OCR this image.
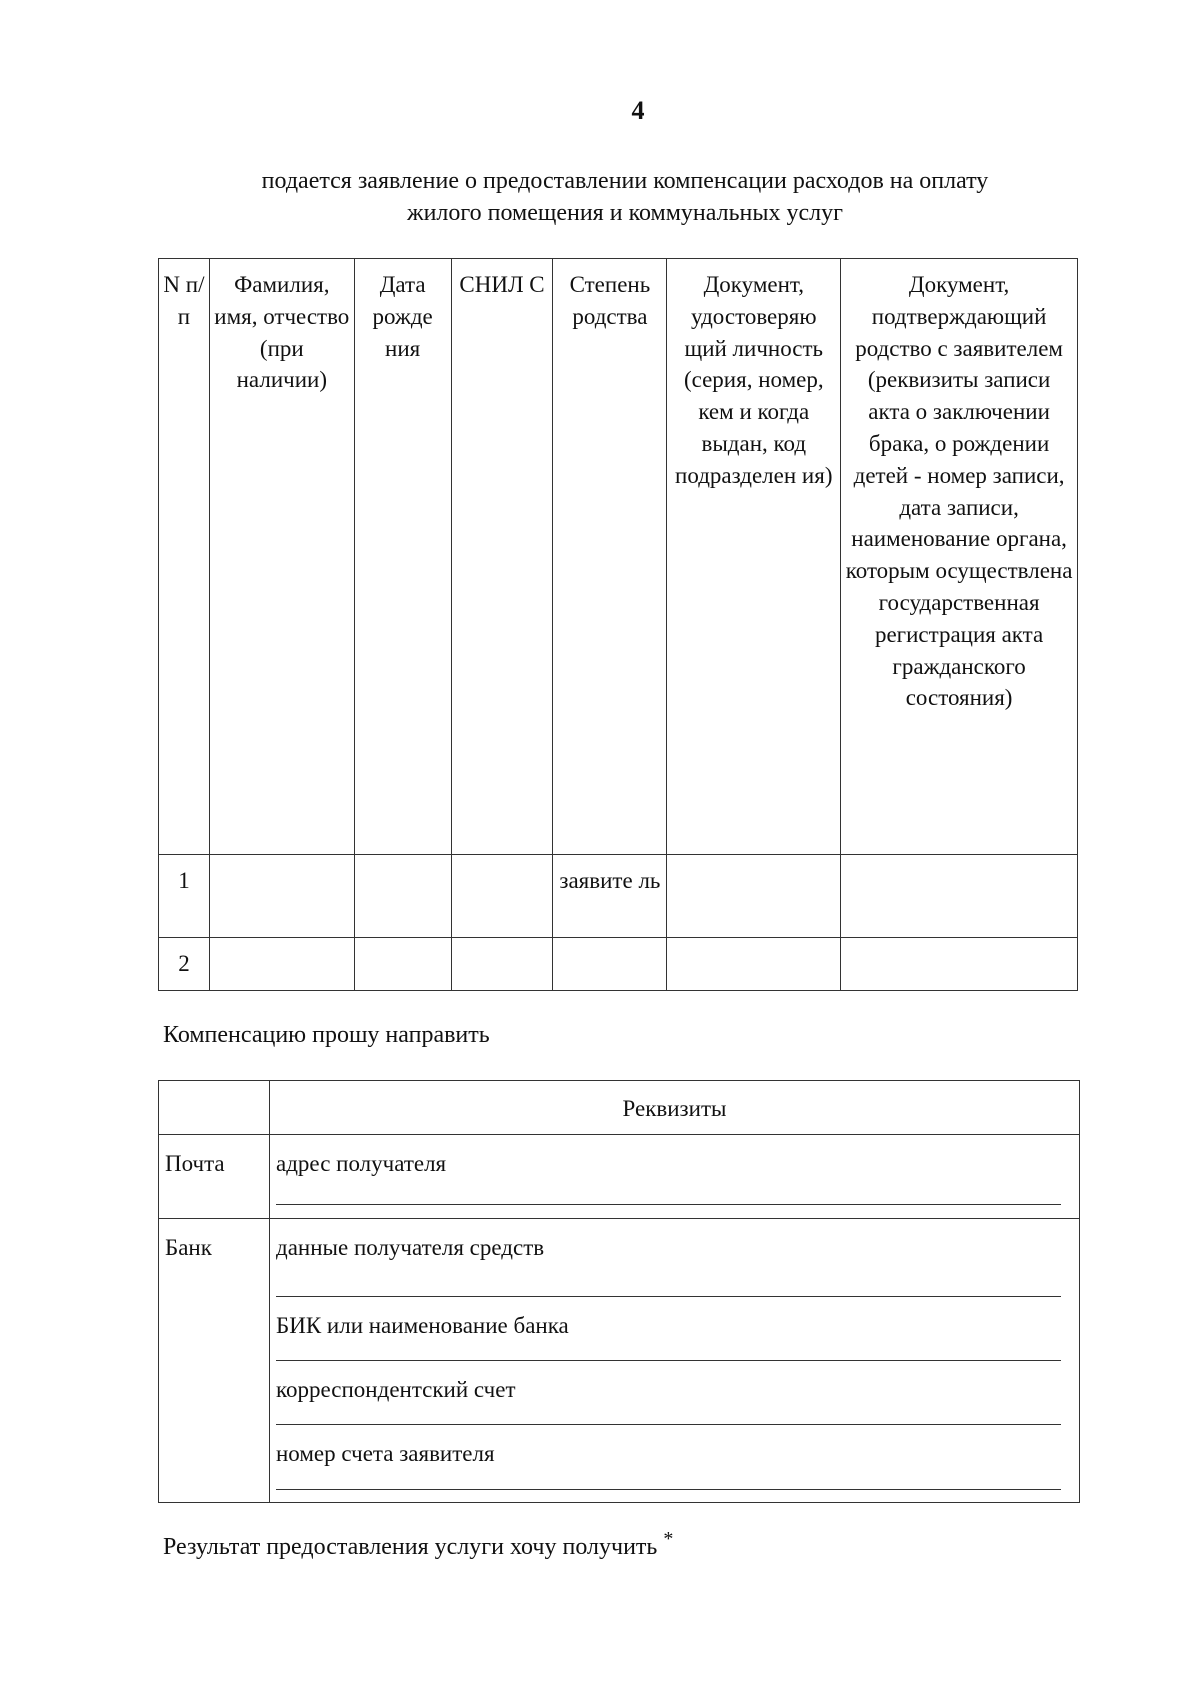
4
подается заявление о предоставлении компенсации расходов на оплату
жилого помещения и коммунальных услуг
N п/п	Фамилия, имя, отчество (при наличии)	Дата рожде ния	СНИЛ С	Степень родства	Документ, удостоверяю щий личность (серия, номер, кем и когда выдан, код подразделен ия)	Документ, подтверждающий родство с заявителем (реквизиты записи акта о заключении брака, о рождении детей - номер записи, дата записи, наименование органа, которым осуществлена государственная регистрация акта гражданского состояния)
1				заявите ль		
2						
Компенсацию прошу направить
	Реквизиты
Почта	адрес получателя

Банк	данные получателя средств
БИК или наименование банка
корреспондентский счет
номер счета заявителя
Результат предоставления услуги хочу получить *
